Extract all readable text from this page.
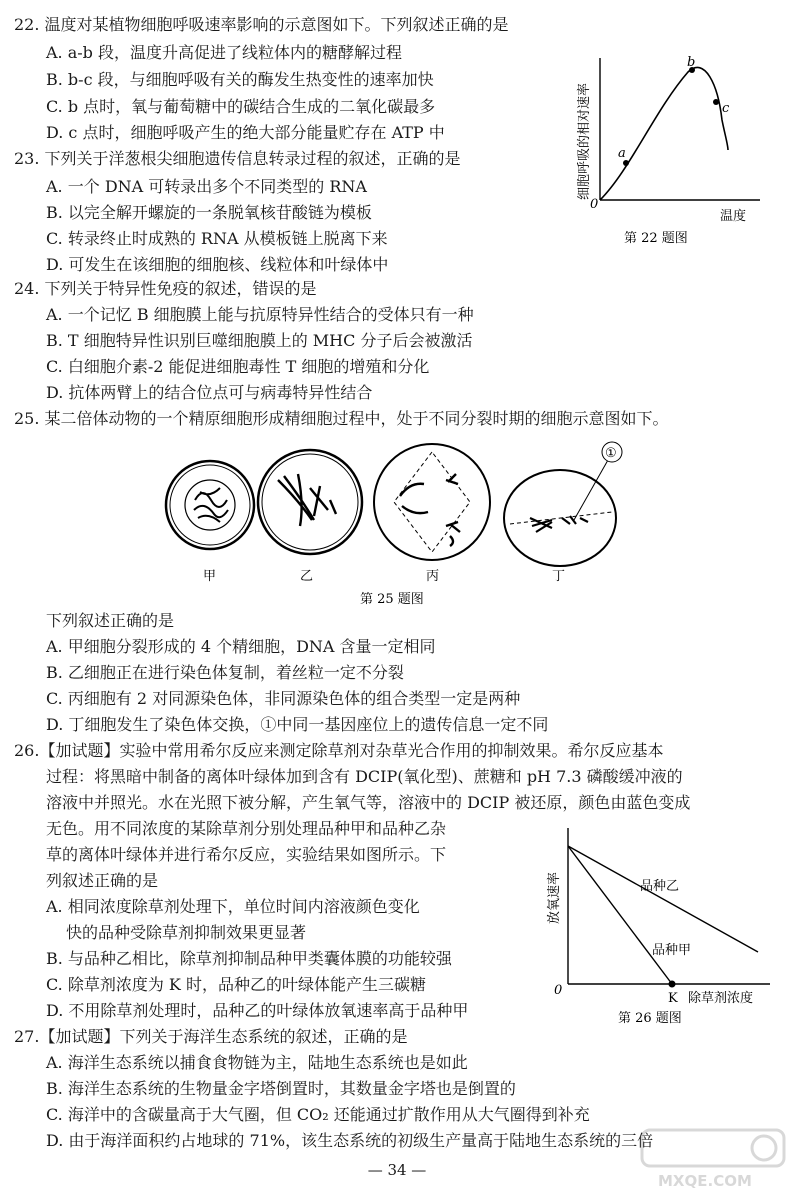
22. 温度对某植物细胞呼吸速率影响的示意图如下。下列叙述正确的是
A. a-b 段，温度升高促进了线粒体内的糖酵解过程
B. b-c 段，与细胞呼吸有关的酶发生热变性的速率加快
C. b 点时，氧与葡萄糖中的碳结合生成的二氧化碳最多
D. c 点时，细胞呼吸产生的绝大部分能量贮存在 ATP 中
a
b
c
0
温度
细胞呼吸的相对速率
第 22 题图
23. 下列关于洋葱根尖细胞遗传信息转录过程的叙述，正确的是
A. 一个 DNA 可转录出多个不同类型的 RNA
B. 以完全解开螺旋的一条脱氧核苷酸链为模板
C. 转录终止时成熟的 RNA 从模板链上脱离下来
D. 可发生在该细胞的细胞核、线粒体和叶绿体中
24. 下列关于特异性免疫的叙述，错误的是
A. 一个记忆 B 细胞膜上能与抗原特异性结合的受体只有一种
B. T 细胞特异性识别巨噬细胞膜上的 MHC 分子后会被激活
C. 白细胞介素-2 能促进细胞毒性 T 细胞的增殖和分化
D. 抗体两臂上的结合位点可与病毒特异性结合
25. 某二倍体动物的一个精原细胞形成精细胞过程中，处于不同分裂时期的细胞示意图如下。
①
甲	乙	丙	丁
第 25 题图
下列叙述正确的是
A. 甲细胞分裂形成的 4 个精细胞，DNA 含量一定相同
B. 乙细胞正在进行染色体复制，着丝粒一定不分裂
C. 丙细胞有 2 对同源染色体，非同源染色体的组合类型一定是两种
D. 丁细胞发生了染色体交换，①中同一基因座位上的遗传信息一定不同
26.【加试题】实验中常用希尔反应来测定除草剂对杂草光合作用的抑制效果。希尔反应基本
过程：将黑暗中制备的离体叶绿体加到含有 DCIP(氧化型)、蔗糖和 pH 7.3 磷酸缓冲液的
溶液中并照光。水在光照下被分解，产生氧气等，溶液中的 DCIP 被还原，颜色由蓝色变成
无色。用不同浓度的某除草剂分别处理品种甲和品种乙杂
草的离体叶绿体并进行希尔反应，实验结果如图所示。下
列叙述正确的是
A. 相同浓度除草剂处理下，单位时间内溶液颜色变化
快的品种受除草剂抑制效果更显著
B. 与品种乙相比，除草剂抑制品种甲类囊体膜的功能较强
C. 除草剂浓度为 K 时，品种乙的叶绿体能产生三碳糖
D. 不用除草剂处理时，品种乙的叶绿体放氧速率高于品种甲
品种乙
品种甲
0
K 除草剂浓度
放氧速率
第 26 题图
27.【加试题】下列关于海洋生态系统的叙述，正确的是
A. 海洋生态系统以捕食食物链为主，陆地生态系统也是如此
B. 海洋生态系统的生物量金字塔倒置时，其数量金字塔也是倒置的
C. 海洋中的含碳量高于大气圈，但 CO₂ 还能通过扩散作用从大气圈得到补充
D. 由于海洋面积约占地球的 71%，该生态系统的初级生产量高于陆地生态系统的三倍
— 34 —
MXQE.COM
